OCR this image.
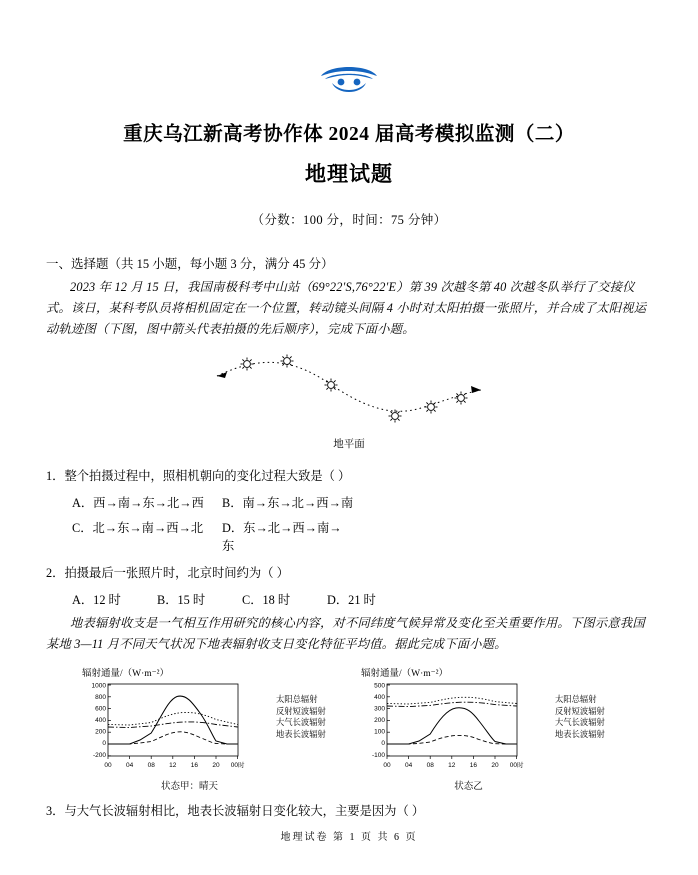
重庆乌江新高考协作体 2024 届高考模拟监测（二）
地理试题
（分数：100 分，时间：75 分钟）
一、选择题（共 15 小题，每小题 3 分，满分 45 分）
2023 年 12 月 15 日，我国南极科考中山站（69°22′S,76°22′E）第 39 次越冬第 40 次越冬队举行了交接仪式。该日，某科考队员将相机固定在一个位置，转动镜头间隔 4 小时对太阳拍摄一张照片，并合成了太阳视运动轨迹图（下图，图中箭头代表拍摄的先后顺序），完成下面小题。
地平面
1．整个拍摄过程中，照相机朝向的变化过程大致是（ ）
A．西→南→东→北→西	B．南→东→北→西→南
C．北→东→南→西→北	D．东→北→西→南→东
2．拍摄最后一张照片时，北京时间约为（ ）
A．12 时	B．15 时	C．18 时	D．21 时
地表辐射收支是一气相互作用研究的核心内容，对不同纬度气候异常及变化至关重要作用。下图示意我国某地 3—11 月不同天气状况下地表辐射收支日变化特征平均值。据此完成下面小题。
辐射通量/（W·m⁻²）
1000
800
600
400
200
0
-200
00 04 08 12 16 20 00时
太阳总辐射
反射短波辐射
大气长波辐射
地表长波辐射
状态甲：晴天
辐射通量/（W·m⁻²）
500
400
300
200
100
0
-100
00 04 08 12 16 20 00时
太阳总辐射
反射短波辐射
大气长波辐射
地表长波辐射
状态乙
3．与大气长波辐射相比，地表长波辐射日变化较大，主要是因为（ ）
地理试卷 第 1 页 共 6 页
